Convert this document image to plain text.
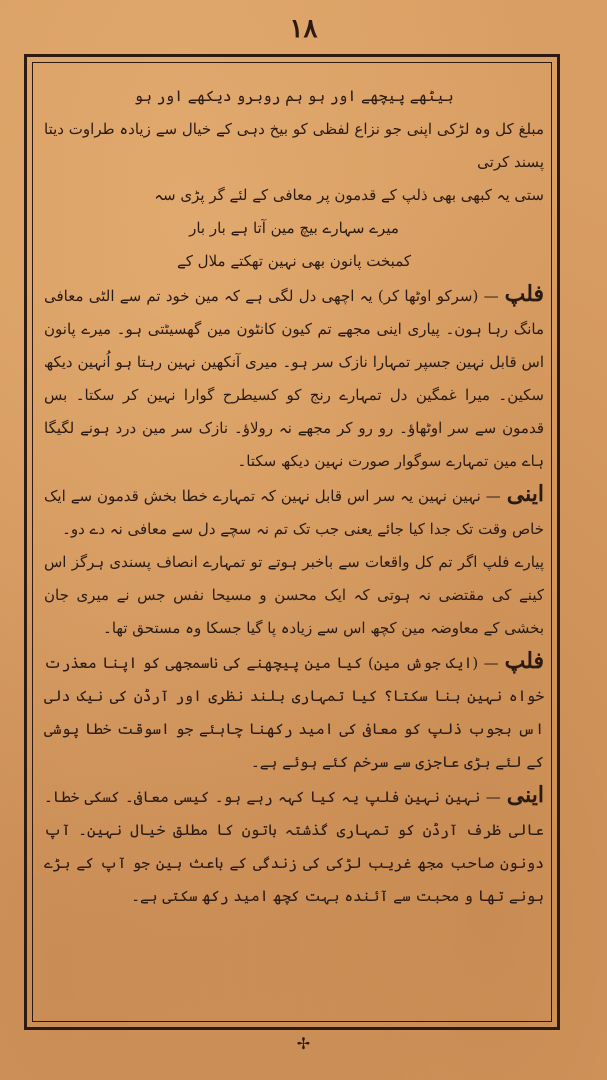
۱۸
بیٹھے پیچھے اور ہو ہم روبرو دیکھے اور ہو
مبلغ کل وہ لڑکی اپنی جو نزاع لفظی کو بیخ دہی کے خیال سے زیادہ طراوت دیتا پسند کرتی
ستی یہ کبھی بھی ذلپ کے قدمون پر معافی کے لئے گر پڑی سہ
میرے سہارے بیچ مین آتا ہے بار بار
کمبخت پانون بھی نہین تھکتے ملال کے
فلپ— (سرکو اوٹھا کر) یہ اچھی دل لگی ہے کہ مین خود تم سے الٹی معافی مانگ رہا ہون۔ پیاری اینی مجھے تم کیون کانٹون مین گھسیٹتی ہو۔ میرے پانون اس قابل نہین جسپر تمہارا نازک سر ہو۔ میری آنکھین نہین رہتا ہو اُنہین دیکھ سکین۔ میرا غمگین دل تمہارے رنج کو کسیطرح گوارا نہین کر سکتا۔ بس قدمون سے سر اوٹھاؤ۔ رو رو کر مجھے نہ رولاؤ۔ نازک سر مین درد ہونے لگیگا ہاے مین تمہارے سوگوار صورت نہین دیکھ سکتا۔
اینی— نہین نہین یہ سر اس قابل نہین کہ تمہارے خطا بخش قدمون سے ایک خاص وقت تک جدا کیا جائے یعنی جب تک تم نہ سچے دل سے معافی نہ دے دو۔
پیارے فلپ اگر تم کل واقعات سے باخبر ہوتے تو تمہارے انصاف پسندی ہرگز اس کینے کی مقتضی نہ ہوتی کہ ایک محسن و مسیحا نفس جس نے میری جان بخشی کے معاوضہ مین کچھ اس سے زیادہ پا گیا جسکا وہ مستحق تھا۔
فلپ— (ایک جوش مین) کیا مین پیچھنے کی ناسمجھی کو اپنا معذرت خواہ نہین بنا سکتا؟ کیا تمہاری بلند نظری اور آرڈن کی نیک دلی اس بجوب ذلپ کو معافی کی امید رکھنا چاہئے جو اسوقت خطا پوشی کے لئے بڑی عاجزی سے سرخم کئے ہوئے ہے۔
اینی— نہین نہین فلپ یہ کیا کہہ رہے ہو۔ کیسی معافی۔ کسکی خطا۔ عالی ظرف آرڈن کو تمہاری گذشتہ باتون کا مطلق خیال نہین۔ آپ دونون صاحب مجھ غریب لڑکی کی زندگی کے باعث ہین جو آپ کے بڑے ہونے تھا و محبت سے آئندہ بہت کچھ امید رکھ سکتی ہے۔
✢
